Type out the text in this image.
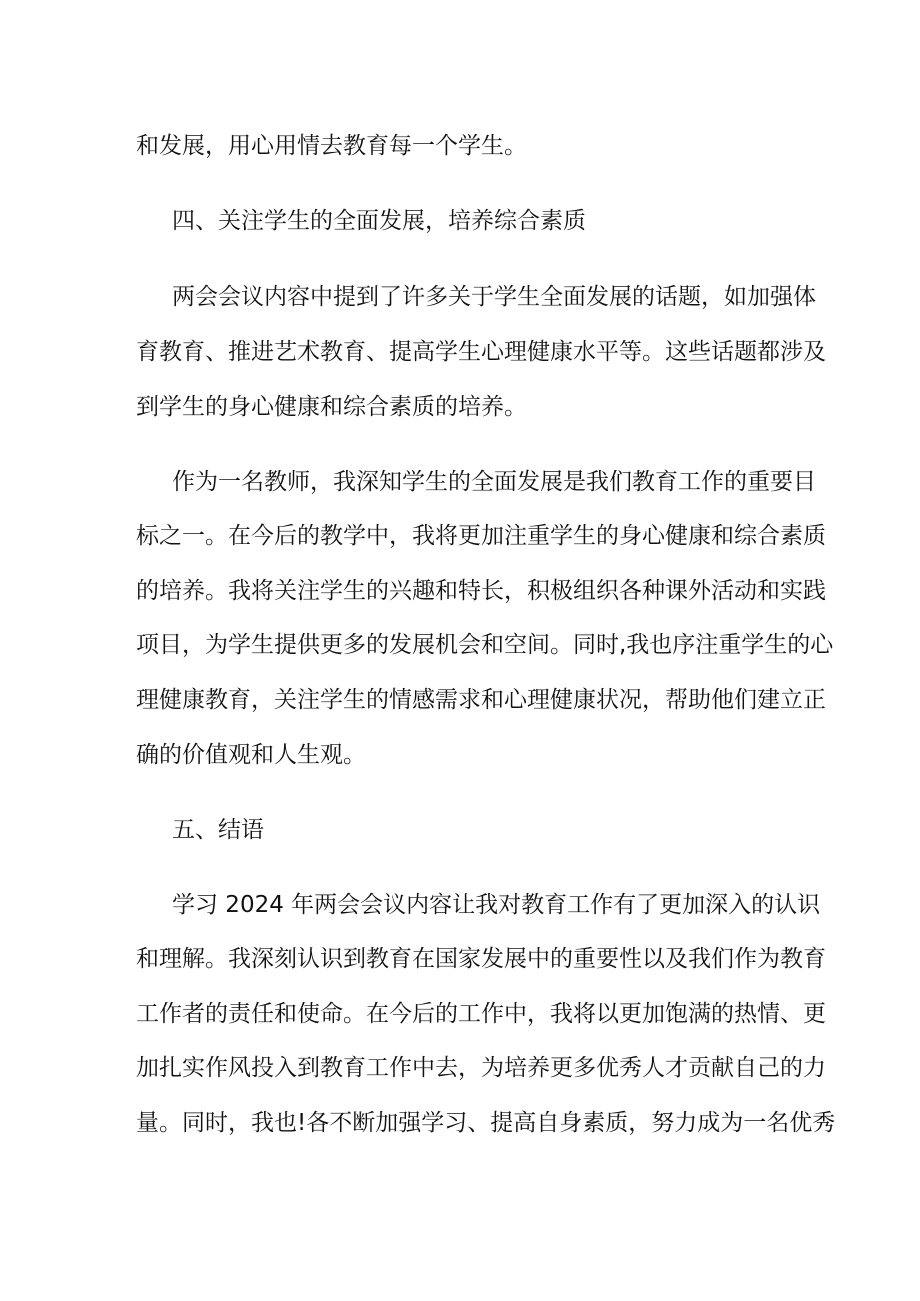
和发展，用心用情去教育每一个学生。
四、关注学生的全面发展，培养综合素质
两会会议内容中提到了许多关于学生全面发展的话题，如加强体
育教育、推进艺术教育、提高学生心理健康水平等。这些话题都涉及
到学生的身心健康和综合素质的培养。
作为一名教师，我深知学生的全面发展是我们教育工作的重要目
标之一。在今后的教学中，我将更加注重学生的身心健康和综合素质
的培养。我将关注学生的兴趣和特长，积极组织各种课外活动和实践
项目，为学生提供更多的发展机会和空间。同时,我也序注重学生的心
理健康教育，关注学生的情感需求和心理健康状况，帮助他们建立正
确的价值观和人生观。
五、结语
学习 2024 年两会会议内容让我对教育工作有了更加深入的认识
和理解。我深刻认识到教育在国家发展中的重要性以及我们作为教育
工作者的责任和使命。在今后的工作中，我将以更加饱满的热情、更
加扎实作风投入到教育工作中去，为培养更多优秀人才贡献自己的力
量。同时，我也!各不断加强学习、提高自身素质，努力成为一名优秀
